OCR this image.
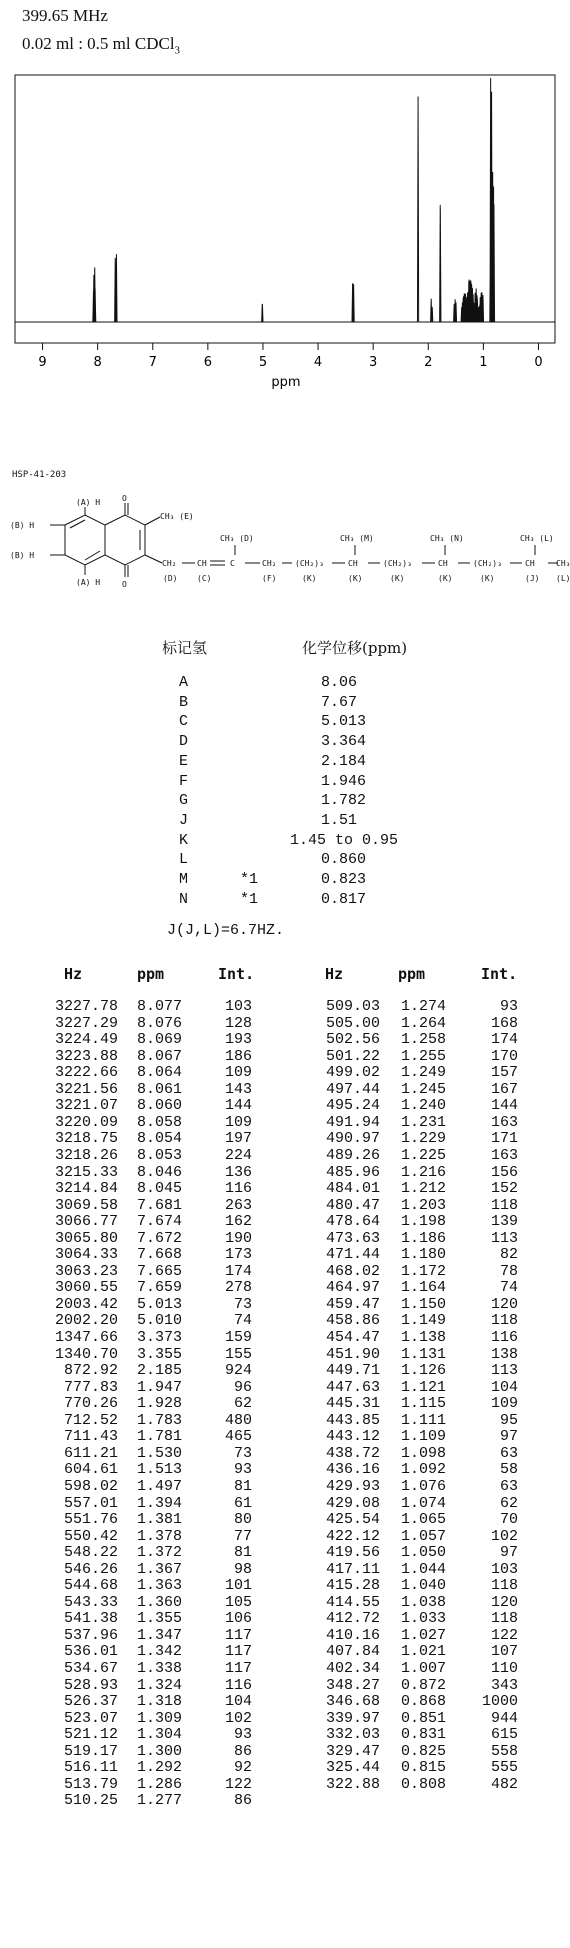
399.65 MHz
0.02 ml : 0.5 ml CDCl$_3$
9	8	7	6	5	4	3	2	1	0
ppm
HSP-41-203
(A) H
(B) H
(B) H
(A) H
O
O
CH₃ (E)
CH₃ (D)	CH₃ (M)	CH₃ (N)	CH₃ (L)
CH₂	CH	C	CH₂ (CH₂)₃	CH	(CH₂)₃	CH	(CH₂)₃	CH	CH₃
(D) (C)	(F)	(K)	(K)	(K)	(K)	(K)	(J) (L)
标记氢	化学位移(ppm)
A	8.06
B	7.67
C	5.013
D	3.364
E	2.184
F	1.946
G	1.782
J	1.51
K	1.45 to 0.95
L	0.860
M	*1	0.823
N	*1	0.817
J(J,L)=6.7HZ.
Hz	ppm	Int.	Hz	ppm	Int.
3227.78 8.077	103
3227.29 8.076	128
3224.49 8.069	193
3223.88 8.067	186
3222.66 8.064	109
3221.56 8.061	143
3221.07 8.060	144
3220.09 8.058	109
3218.75 8.054	197
3218.26 8.053	224
3215.33 8.046	136
3214.84 8.045	116
3069.58 7.681	263
3066.77 7.674	162
3065.80 7.672	190
3064.33 7.668	173
3063.23 7.665	174
3060.55 7.659	278
2003.42 5.013	73
2002.20 5.010	74
1347.66 3.373	159
1340.70 3.355	155
872.92 2.185	924
777.83 1.947	96
770.26 1.928	62
712.52 1.783	480
711.43 1.781	465
611.21 1.530	73
604.61 1.513	93
598.02 1.497	81
557.01 1.394	61
551.76 1.381	80
550.42 1.378	77
548.22 1.372	81
546.26 1.367	98
544.68 1.363	101
543.33 1.360	105
541.38 1.355	106
537.96 1.347	117
536.01 1.342	117
534.67 1.338	117
528.93 1.324	116
526.37 1.318	104
523.07 1.309	102
521.12 1.304	93
519.17 1.300	86
516.11 1.292	92
513.79 1.286	122
510.25 1.277	86
509.03 1.274	93
505.00 1.264	168
502.56 1.258	174
501.22 1.255	170
499.02 1.249	157
497.44 1.245	167
495.24 1.240	144
491.94 1.231	163
490.97 1.229	171
489.26 1.225	163
485.96 1.216	156
484.01 1.212	152
480.47 1.203	118
478.64 1.198	139
473.63 1.186	113
471.44 1.180	82
468.02 1.172	78
464.97 1.164	74
459.47 1.150	120
458.86 1.149	118
454.47 1.138	116
451.90 1.131	138
449.71 1.126	113
447.63 1.121	104
445.31 1.115	109
443.85 1.111	95
443.12 1.109	97
438.72 1.098	63
436.16 1.092	58
429.93 1.076	63
429.08 1.074	62
425.54 1.065	70
422.12 1.057	102
419.56 1.050	97
417.11 1.044	103
415.28 1.040	118
414.55 1.038	120
412.72 1.033	118
410.16 1.027	122
407.84 1.021	107
402.34 1.007	110
348.27 0.872	343
346.68 0.868 1000
339.97 0.851	944
332.03 0.831	615
329.47 0.825	558
325.44 0.815	555
322.88 0.808	482
